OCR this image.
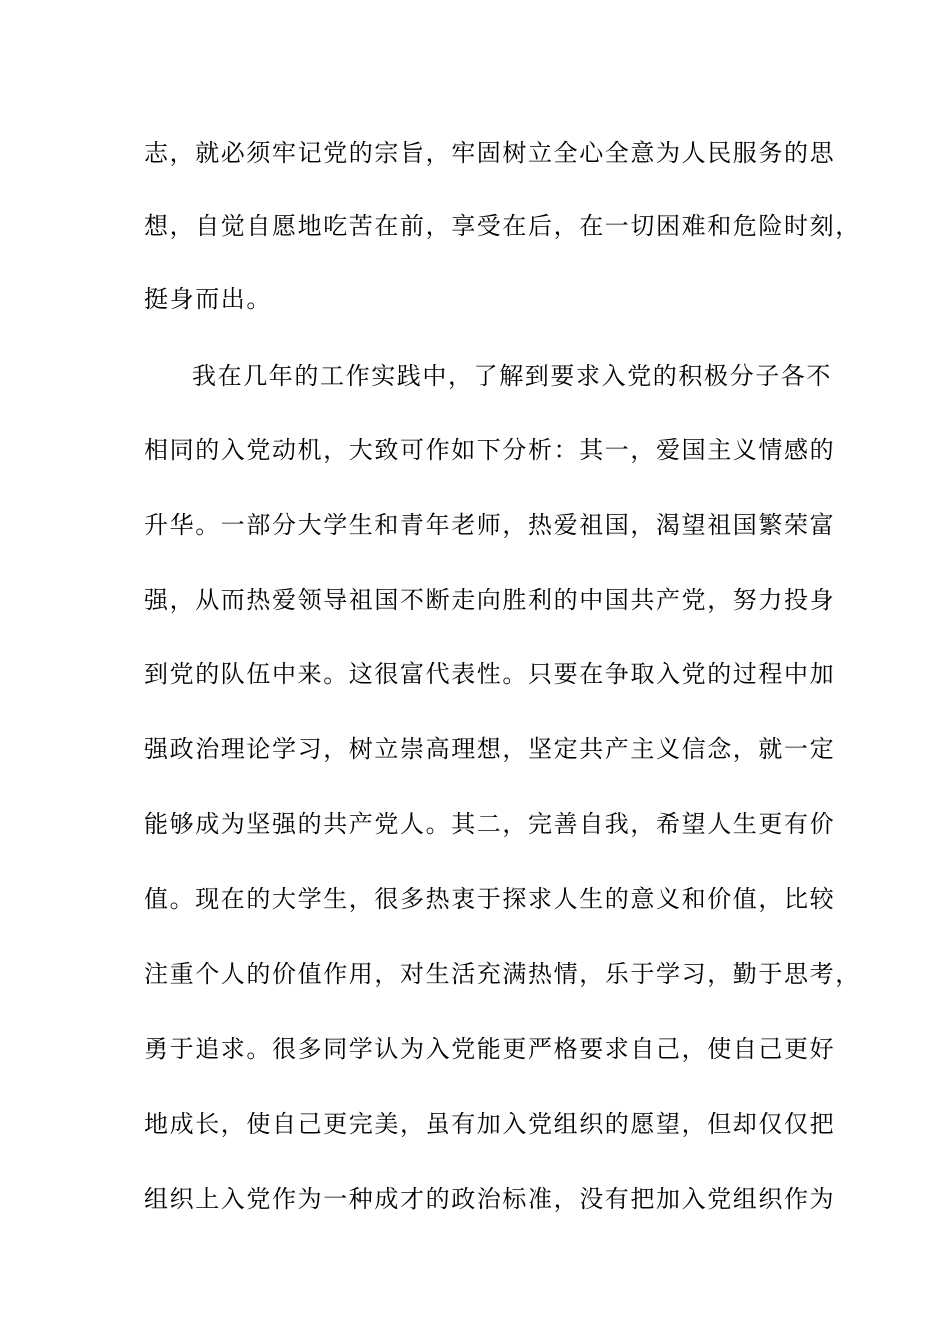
志，就必须牢记党的宗旨，牢固树立全心全意为人民服务的思
想，自觉自愿地吃苦在前，享受在后，在一切困难和危险时刻，
挺身而出。
我在几年的工作实践中，了解到要求入党的积极分子各不
相同的入党动机，大致可作如下分析：其一，爱国主义情感的
升华。一部分大学生和青年老师，热爱祖国，渴望祖国繁荣富
强，从而热爱领导祖国不断走向胜利的中国共产党，努力投身
到党的队伍中来。这很富代表性。只要在争取入党的过程中加
强政治理论学习，树立崇高理想，坚定共产主义信念，就一定
能够成为坚强的共产党人。其二，完善自我，希望人生更有价
值。现在的大学生，很多热衷于探求人生的意义和价值，比较
注重个人的价值作用，对生活充满热情，乐于学习，勤于思考，
勇于追求。很多同学认为入党能更严格要求自己，使自己更好
地成长，使自己更完美，虽有加入党组织的愿望，但却仅仅把
组织上入党作为一种成才的政治标准，没有把加入党组织作为
